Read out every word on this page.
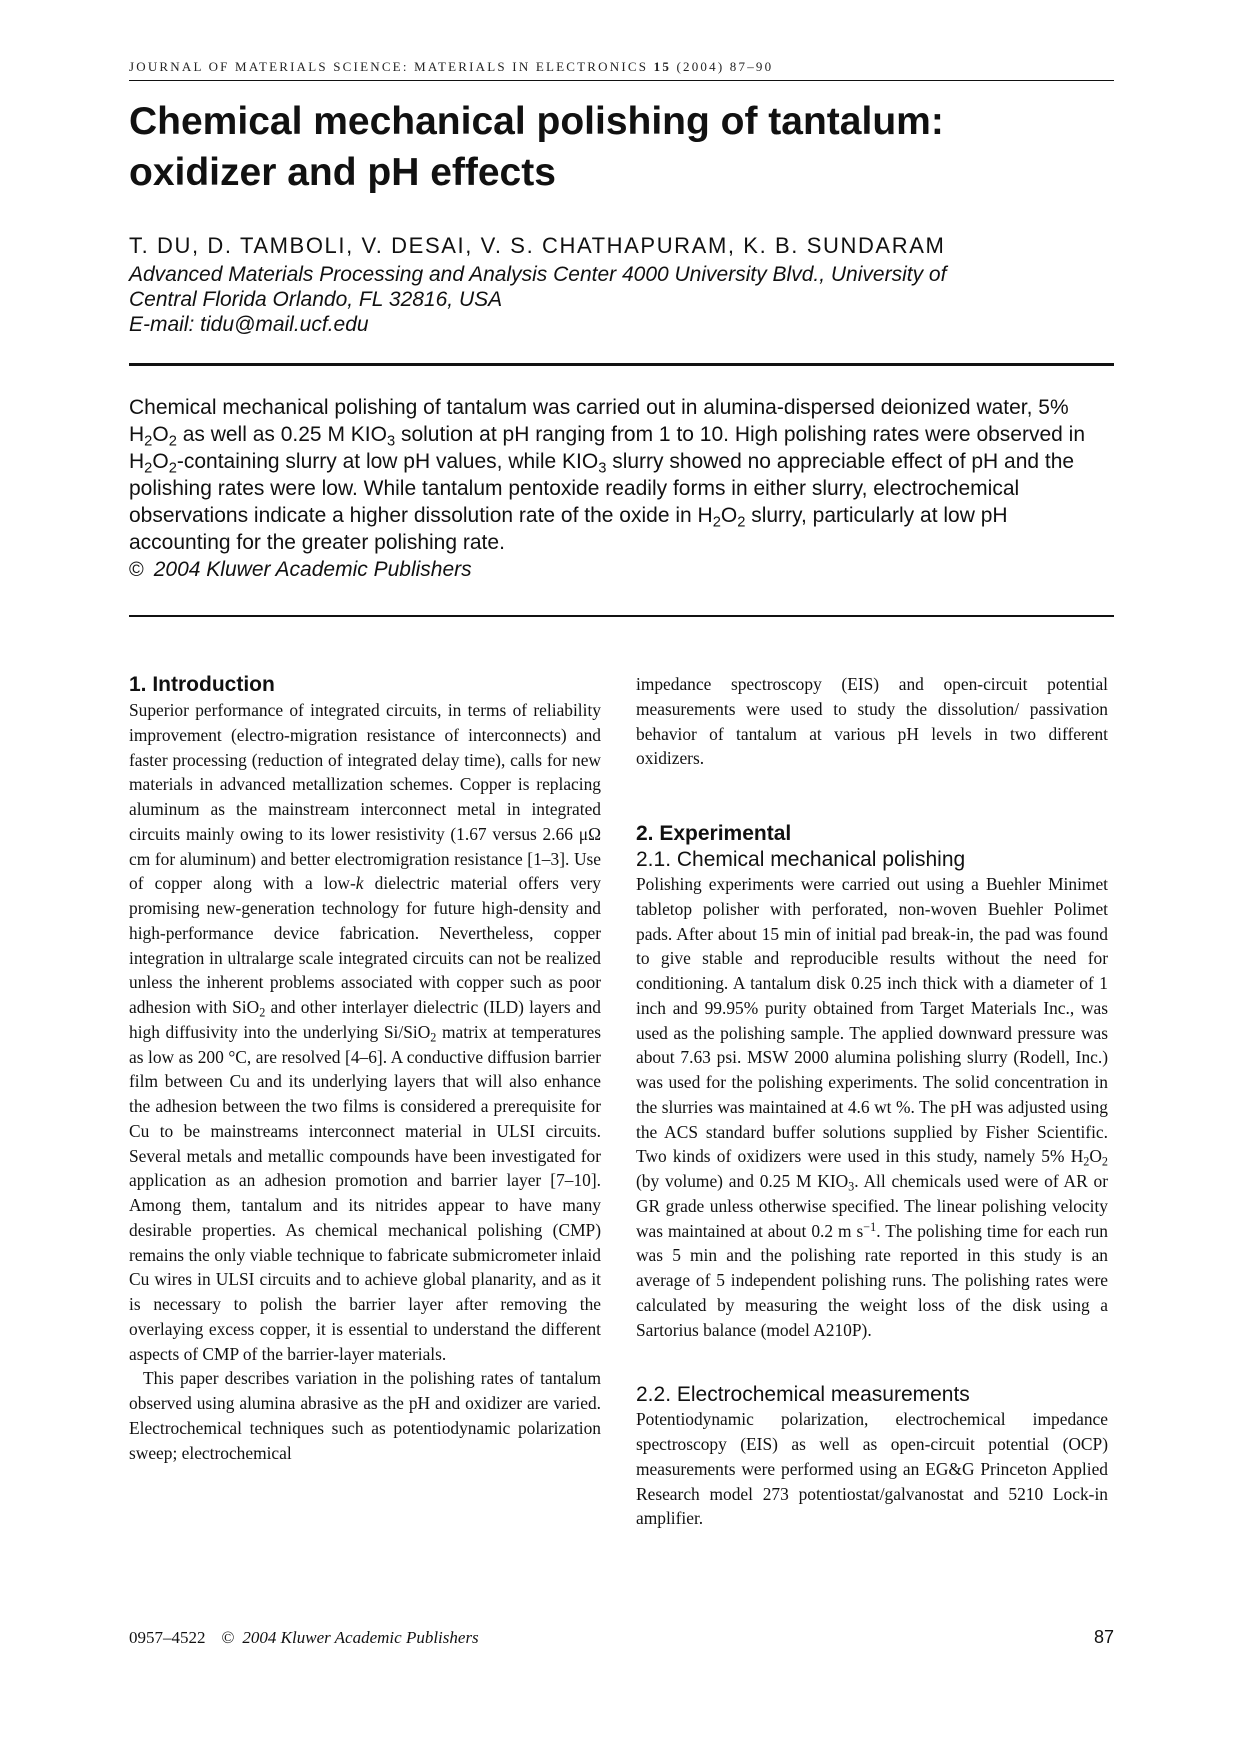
JOURNAL OF MATERIALS SCIENCE: MATERIALS IN ELECTRONICS 15 (2004) 87–90
Chemical mechanical polishing of tantalum:
oxidizer and pH effects
T. DU, D. TAMBOLI, V. DESAI, V. S. CHATHAPURAM, K. B. SUNDARAM
Advanced Materials Processing and Analysis Center 4000 University Blvd., University of
Central Florida Orlando, FL 32816, USA
E-mail: tidu@mail.ucf.edu
Chemical mechanical polishing of tantalum was carried out in alumina-dispersed deionized water, 5% $H_2O_2$ as well as 0.25 M $KIO_3$ solution at pH ranging from 1 to 10. High polishing rates were observed in $H_2O_2$-containing slurry at low pH values, while $KIO_3$ slurry showed no appreciable effect of pH and the polishing rates were low. While tantalum pentoxide readily forms in either slurry, electrochemical observations indicate a higher dissolution rate of the oxide in $H_2O_2$ slurry, particularly at low pH accounting for the greater polishing rate.
© 2004 Kluwer Academic Publishers
1. Introduction

Superior performance of integrated circuits, in terms of reliability improvement (electro-migration resistance of interconnects) and faster processing (reduction of integrated delay time), calls for new materials in advanced metallization schemes. Copper is replacing aluminum as the mainstream interconnect metal in integrated circuits mainly owing to its lower resistivity (1.67 versus 2.66 μΩ cm for aluminum) and better electromigration resistance [1–3]. Use of copper along with a low-k dielectric material offers very promising new-generation technology for future high-density and high-performance device fabrication. Nevertheless, copper integration in ultralarge scale integrated circuits can not be realized unless the inherent problems associated with copper such as poor adhesion with SiO$_2$ and other interlayer dielectric (ILD) layers and high diffusivity into the underlying Si/SiO$_2$ matrix at temperatures as low as 200 °C, are resolved [4–6]. A conductive diffusion barrier film between Cu and its underlying layers that will also enhance the adhesion between the two films is considered a prerequisite for Cu to be mainstreams interconnect material in ULSI circuits. Several metals and metallic compounds have been investigated for application as an adhesion promotion and barrier layer [7–10]. Among them, tantalum and its nitrides appear to have many desirable properties. As chemical mechanical polishing (CMP) remains the only viable technique to fabricate submicrometer inlaid Cu wires in ULSI circuits and to achieve global planarity, and as it is necessary to polish the barrier layer after removing the overlaying excess copper, it is essential to understand the different aspects of CMP of the barrier-layer materials.

This paper describes variation in the polishing rates of tantalum observed using alumina abrasive as the pH and oxidizer are varied. Electrochemical techniques such as potentiodynamic polarization sweep; electrochemical

impedance spectroscopy (EIS) and open-circuit potential measurements were used to study the dissolution/ passivation behavior of tantalum at various pH levels in two different oxidizers.

2. Experimental
2.1. Chemical mechanical polishing

Polishing experiments were carried out using a Buehler Minimet tabletop polisher with perforated, non-woven Buehler Polimet pads. After about 15 min of initial pad break-in, the pad was found to give stable and reproducible results without the need for conditioning. A tantalum disk 0.25 inch thick with a diameter of 1 inch and 99.95% purity obtained from Target Materials Inc., was used as the polishing sample. The applied downward pressure was about 7.63 psi. MSW 2000 alumina polishing slurry (Rodell, Inc.) was used for the polishing experiments. The solid concentration in the slurries was maintained at 4.6 wt %. The pH was adjusted using the ACS standard buffer solutions supplied by Fisher Scientific. Two kinds of oxidizers were used in this study, namely 5% $H_2O_2$ (by volume) and 0.25 M $KIO_3$. All chemicals used were of AR or GR grade unless otherwise specified. The linear polishing velocity was maintained at about 0.2 m $s^{-1}$. The polishing time for each run was 5 min and the polishing rate reported in this study is an average of 5 independent polishing runs. The polishing rates were calculated by measuring the weight loss of the disk using a Sartorius balance (model A210P).

2.2. Electrochemical measurements

Potentiodynamic polarization, electrochemical impedance spectroscopy (EIS) as well as open-circuit potential (OCP) measurements were performed using an EG&G Princeton Applied Research model 273 potentiostat/galvanostat and 5210 Lock-in amplifier.

0957–4522 © 2004 Kluwer Academic Publishers	87
